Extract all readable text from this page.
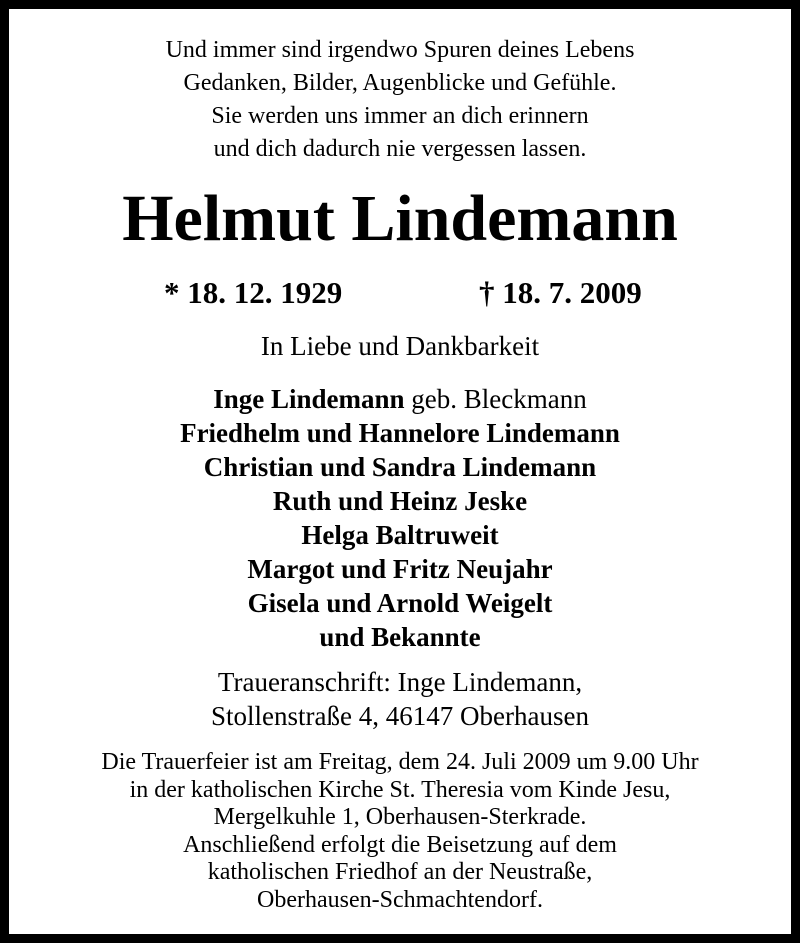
Und immer sind irgendwo Spuren deines Lebens
Gedanken, Bilder, Augenblicke und Gefühle.
Sie werden uns immer an dich erinnern
und dich dadurch nie vergessen lassen.
Helmut Lindemann
* 18. 12. 1929	† 18. 7. 2009
In Liebe und Dankbarkeit
Inge Lindemann geb. Bleckmann
Friedhelm und Hannelore Lindemann
Christian und Sandra Lindemann
Ruth und Heinz Jeske
Helga Baltruweit
Margot und Fritz Neujahr
Gisela und Arnold Weigelt
und Bekannte
Traueranschrift: Inge Lindemann,
Stollenstraße 4, 46147 Oberhausen
Die Trauerfeier ist am Freitag, dem 24. Juli 2009 um 9.00 Uhr
in der katholischen Kirche St. Theresia vom Kinde Jesu,
Mergelkuhle 1, Oberhausen-Sterkrade.
Anschließend erfolgt die Beisetzung auf dem
katholischen Friedhof an der Neustraße,
Oberhausen-Schmachtendorf.
